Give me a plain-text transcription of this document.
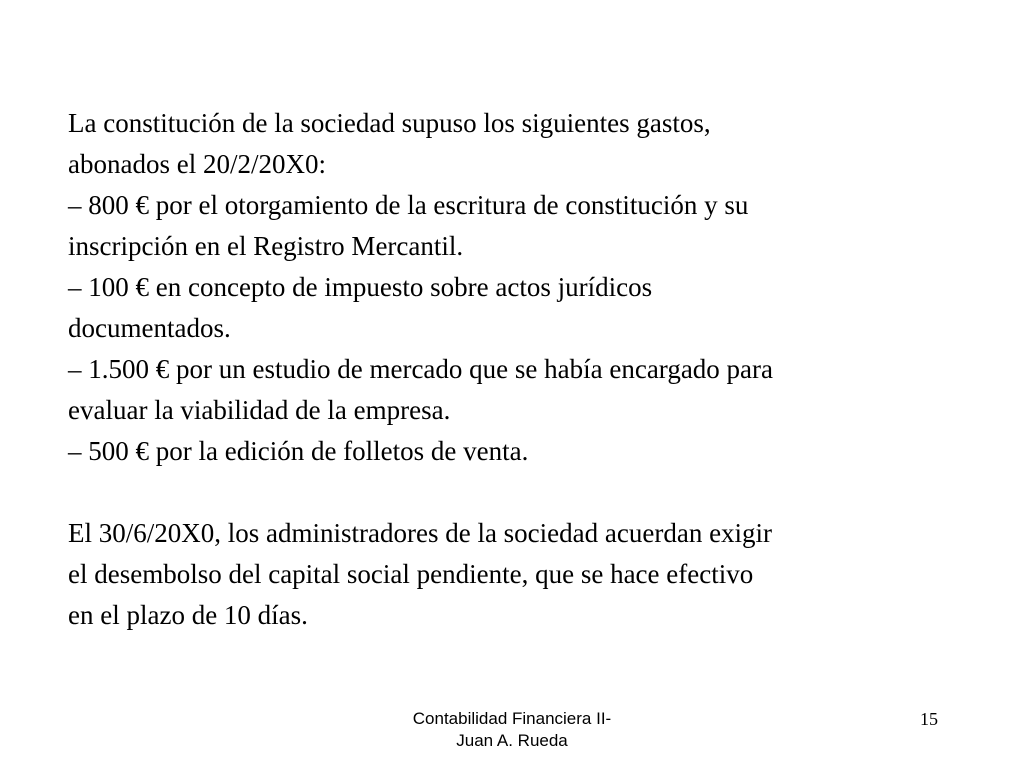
La constitución de la sociedad supuso los siguientes gastos,
abonados el 20/2/20X0:
– 800 € por el otorgamiento de la escritura de constitución y su
inscripción en el Registro Mercantil.
– 100 € en concepto de impuesto sobre actos jurídicos
documentados.
– 1.500 € por un estudio de mercado que se había encargado para
evaluar la viabilidad de la empresa.
– 500 € por la edición de folletos de venta.

El 30/6/20X0, los administradores de la sociedad acuerdan exigir
el desembolso del capital social pendiente, que se hace efectivo
en el plazo de 10 días.

Contabilidad Financiera II-
Juan A. Rueda
15
